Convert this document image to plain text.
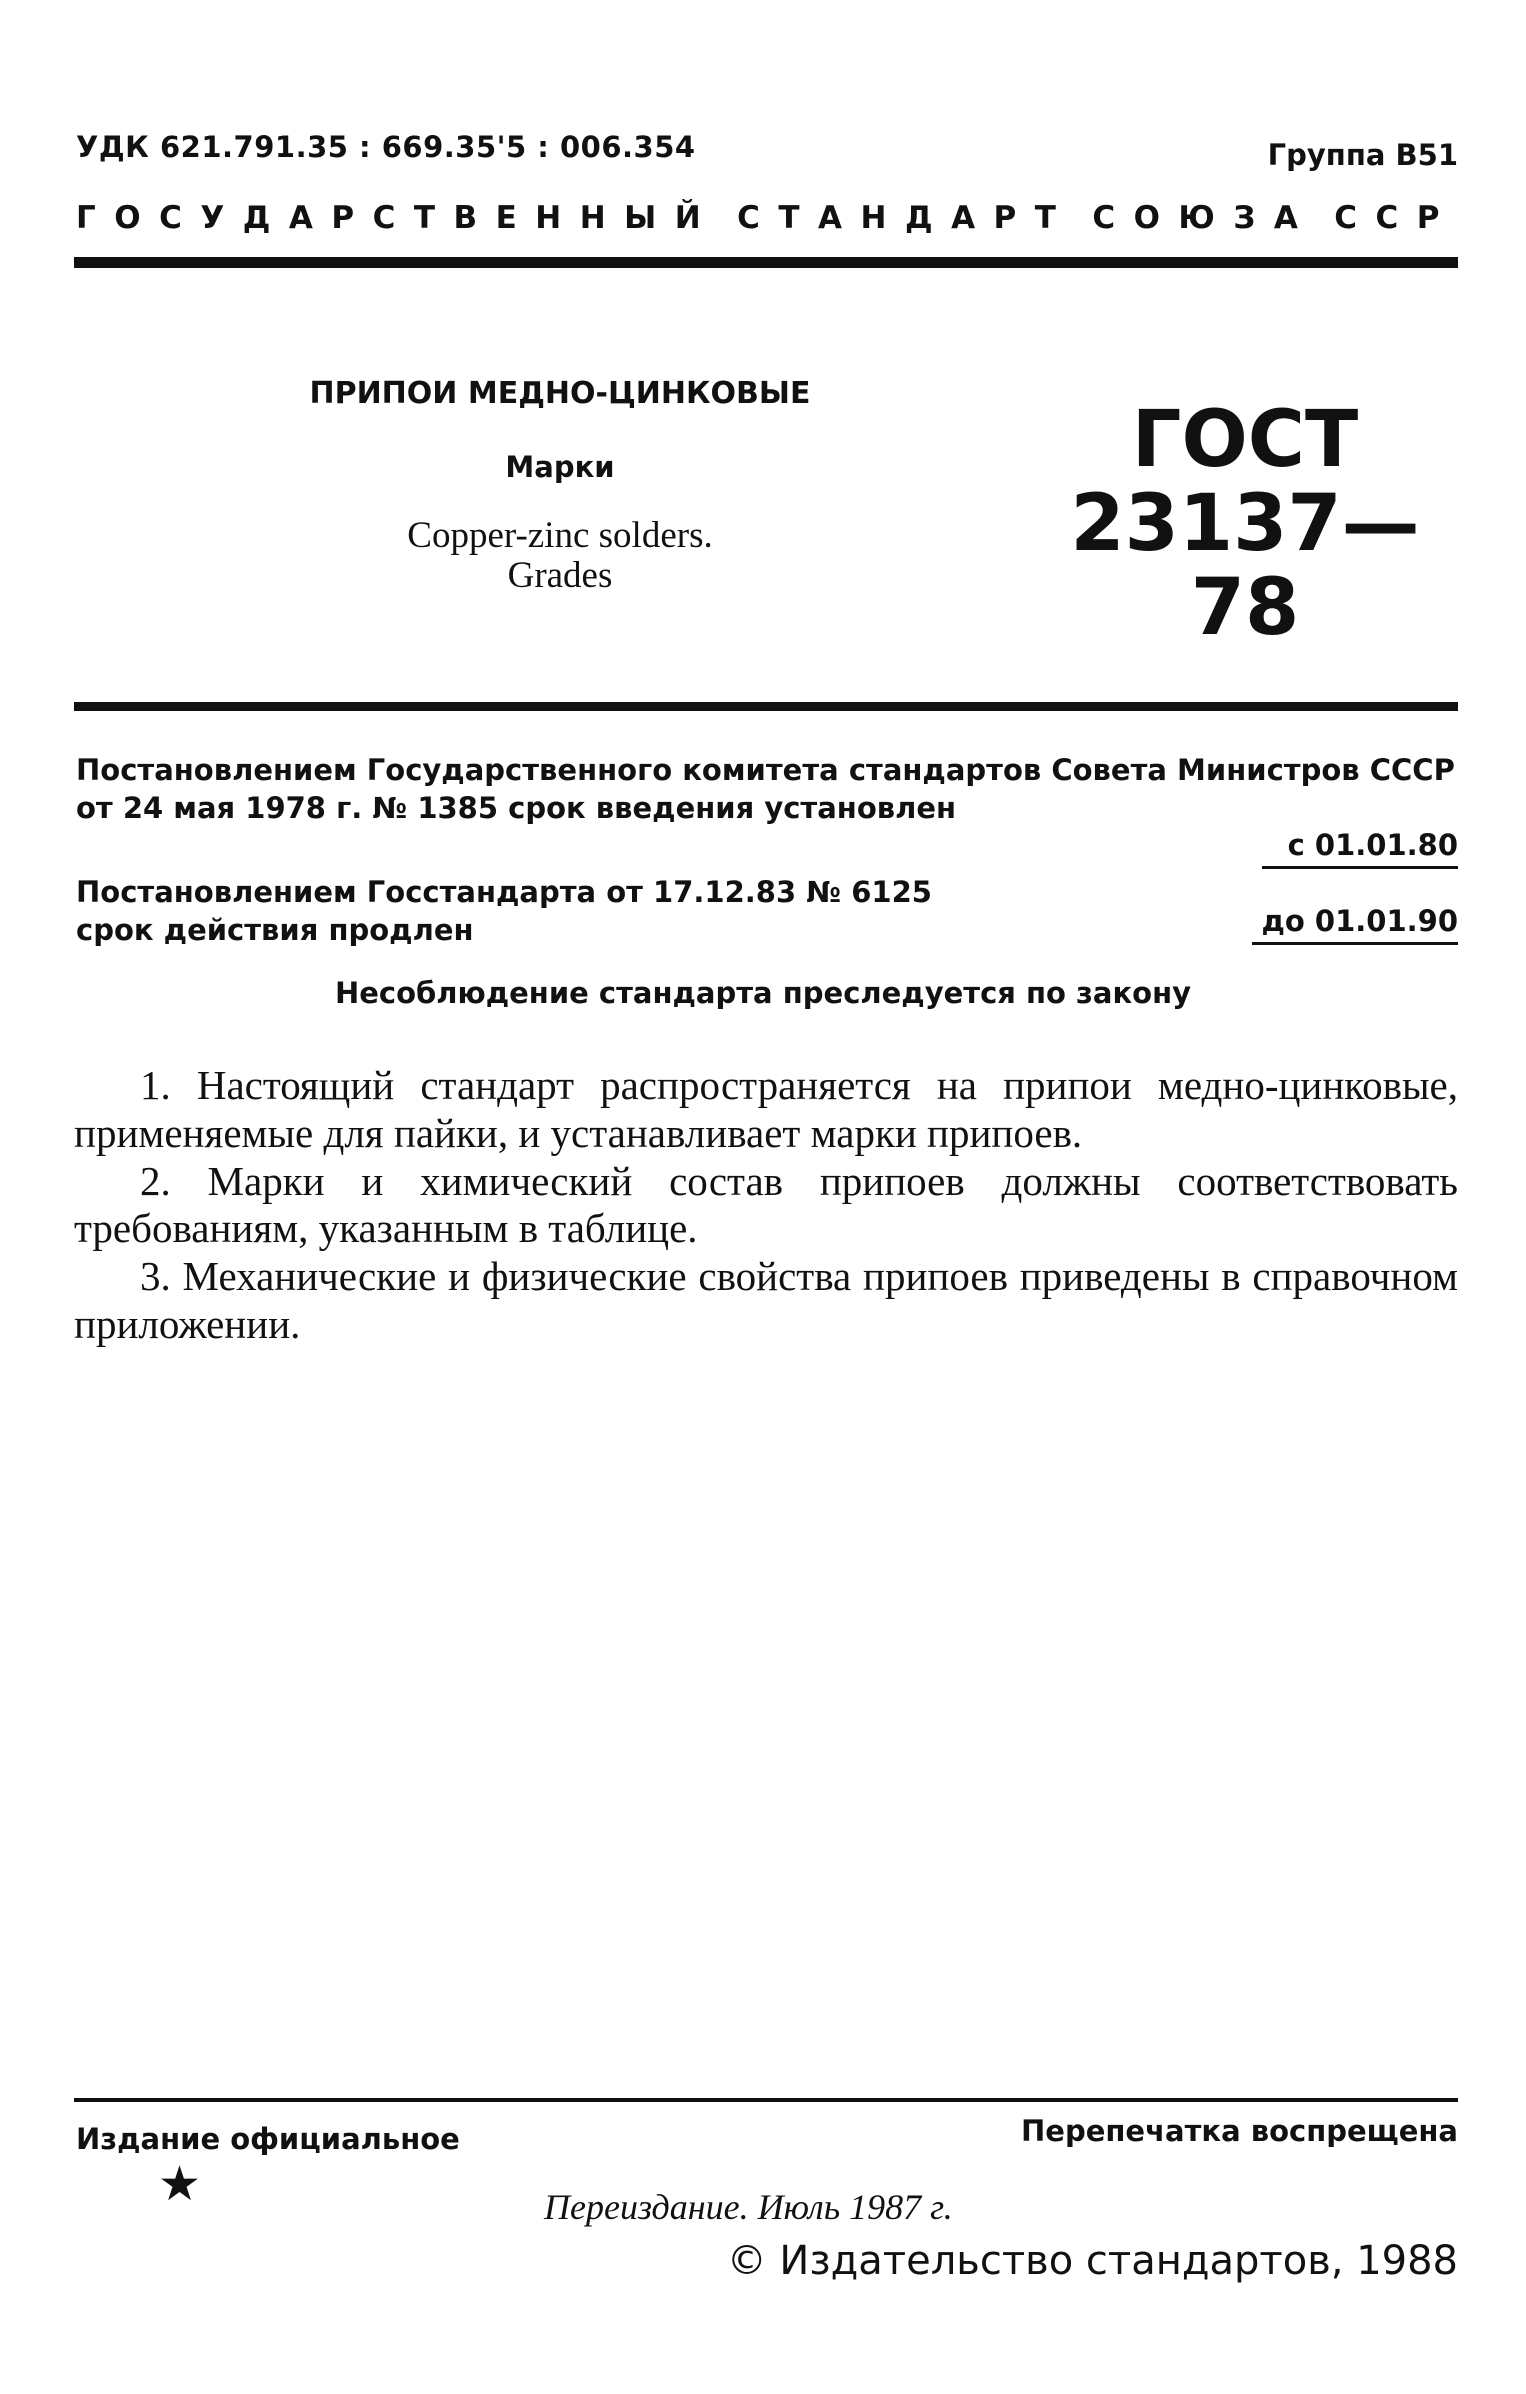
УДК 621.791.35 : 669.35'5 : 006.354	Группа В51
ГОСУДАРСТВЕННЫЙ СТАНДАРТ СОЮЗА ССР
ПРИПОИ МЕДНО-ЦИНКОВЫЕ
Марки
Copper-zinc solders.
Grades
ГОСТ
23137—78
Постановлением Государственного комитета стандартов Совета Министров СССР
от 24 мая 1978 г. № 1385 срок введения установлен
с 01.01.80
Постановлением Госстандарта от 17.12.83 № 6125
срок действия продлен	до 01.01.90
Несоблюдение стандарта преследуется по закону

1. Настоящий стандарт распространяется на припои медно-цинковые, применяемые для пайки, и устанавливает марки припоев.

2. Марки и химический состав припоев должны соответствовать требованиям, указанным в таблице.

3. Механические и физические свойства припоев приведены в справочном приложении.

Издание официальное	Перепечатка воспрещена
★	Переиздание. Июль 1987 г.
© Издательство стандартов, 1988
